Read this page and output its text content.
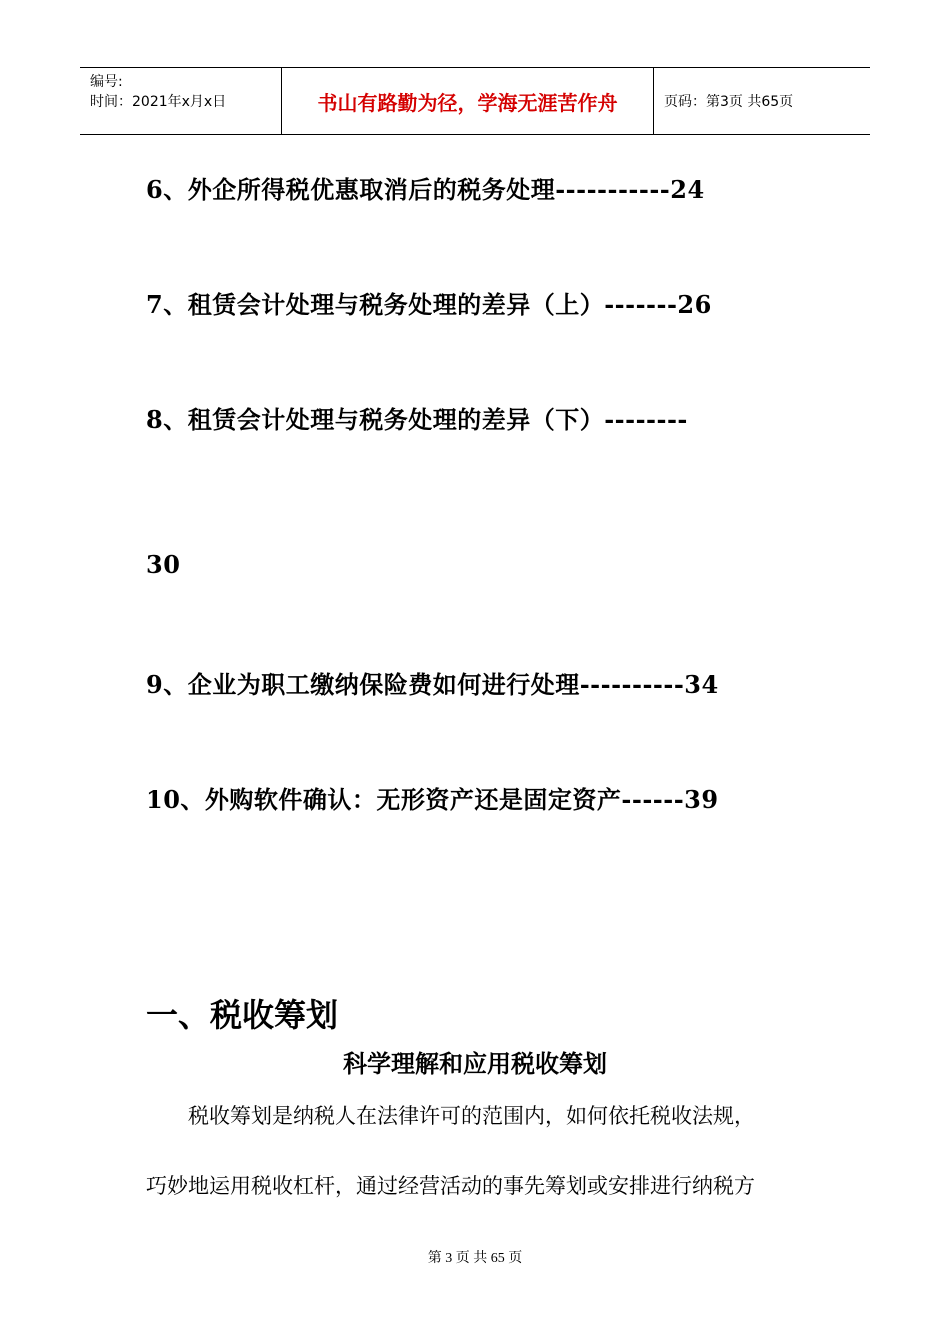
编号:
时间：2021年x月x日	书山有路勤为径，学海无涯苦作舟	页码：第3页 共65页
6、外企所得税优惠取消后的税务处理-----------24
7、租赁会计处理与税务处理的差异（上）-------26
8、租赁会计处理与税务处理的差异（下）--------
30
9、企业为职工缴纳保险费如何进行处理----------34
10、外购软件确认：无形资产还是固定资产------39
一、税收筹划
科学理解和应用税收筹划
税收筹划是纳税人在法律许可的范围内，如何依托税收法规，
巧妙地运用税收杠杆，通过经营活动的事先筹划或安排进行纳税方
第 3 页 共 65 页
